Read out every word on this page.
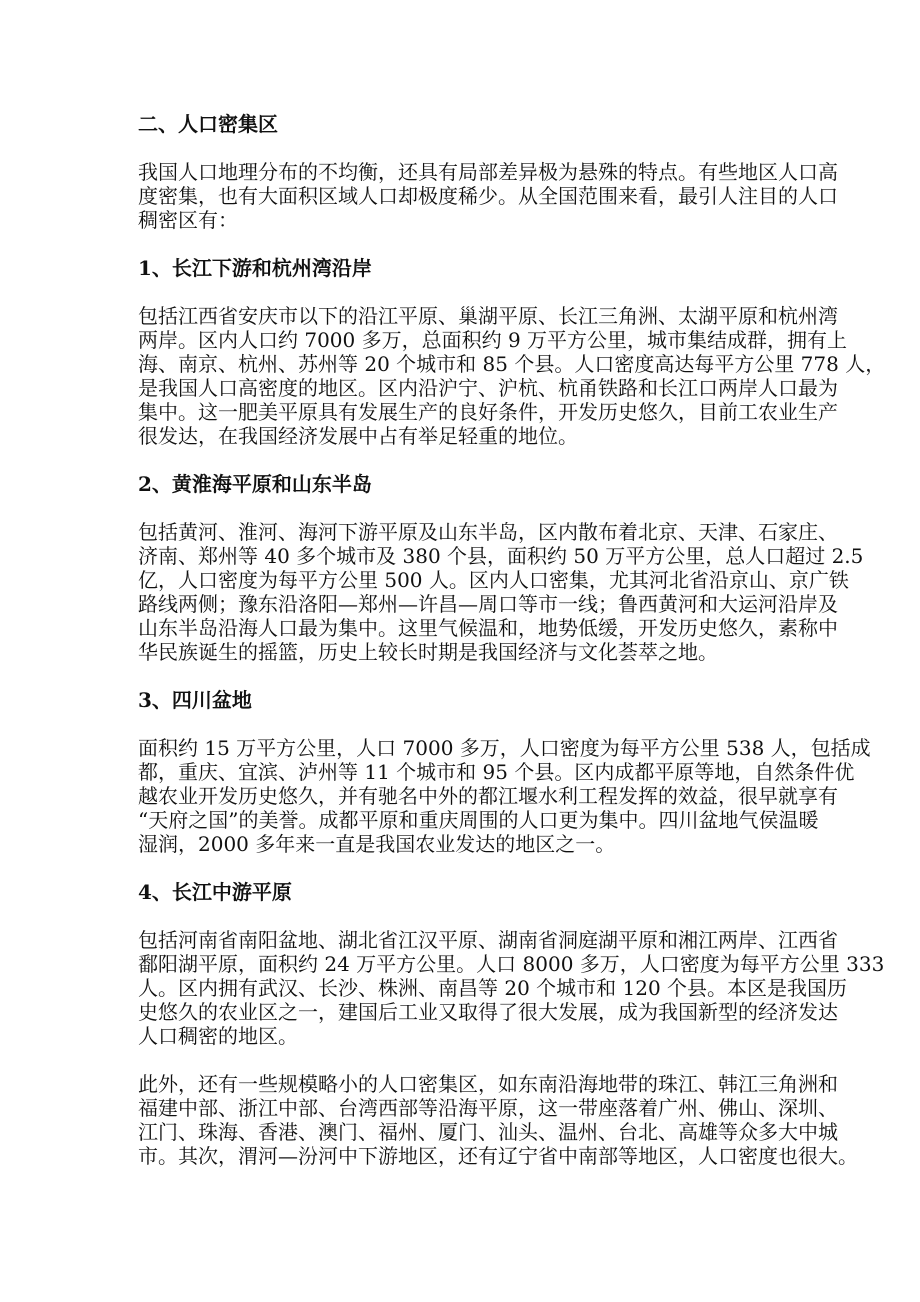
二、人口密集区
我国人口地理分布的不均衡，还具有局部差异极为悬殊的特点。有些地区人口高
度密集，也有大面积区域人口却极度稀少。从全国范围来看，最引人注目的人口
稠密区有：
1、长江下游和杭州湾沿岸
包括江西省安庆市以下的沿江平原、巢湖平原、长江三角洲、太湖平原和杭州湾
两岸。区内人口约 7000 多万，总面积约 9 万平方公里，城市集结成群，拥有上
海、南京、杭州、苏州等 20 个城市和 85 个县。人口密度高达每平方公里 778 人，
是我国人口高密度的地区。区内沿沪宁、沪杭、杭甬铁路和长江口两岸人口最为
集中。这一肥美平原具有发展生产的良好条件，开发历史悠久，目前工农业生产
很发达，在我国经济发展中占有举足轻重的地位。
2、黄淮海平原和山东半岛
包括黄河、淮河、海河下游平原及山东半岛，区内散布着北京、天津、石家庄、
济南、郑州等 40 多个城市及 380 个县，面积约 50 万平方公里，总人口超过 2.5
亿，人口密度为每平方公里 500 人。区内人口密集，尤其河北省沿京山、京广铁
路线两侧；豫东沿洛阳—郑州—许昌—周口等市一线；鲁西黄河和大运河沿岸及
山东半岛沿海人口最为集中。这里气候温和，地势低缓，开发历史悠久，素称中
华民族诞生的摇篮，历史上较长时期是我国经济与文化荟萃之地。
3、四川盆地
面积约 15 万平方公里，人口 7000 多万，人口密度为每平方公里 538 人，包括成
都，重庆、宜滨、泸州等 11 个城市和 95 个县。区内成都平原等地，自然条件优
越农业开发历史悠久，并有驰名中外的都江堰水利工程发挥的效益，很早就享有
“天府之国”的美誉。成都平原和重庆周围的人口更为集中。四川盆地气侯温暖
湿润，2000 多年来一直是我国农业发达的地区之一。
4、长江中游平原
包括河南省南阳盆地、湖北省江汉平原、湖南省洞庭湖平原和湘江两岸、江西省
鄱阳湖平原，面积约 24 万平方公里。人口 8000 多万，人口密度为每平方公里 333
人。区内拥有武汉、长沙、株洲、南昌等 20 个城市和 120 个县。本区是我国历
史悠久的农业区之一，建国后工业又取得了很大发展，成为我国新型的经济发达
人口稠密的地区。
此外，还有一些规模略小的人口密集区，如东南沿海地带的珠江、韩江三角洲和
福建中部、浙江中部、台湾西部等沿海平原，这一带座落着广州、佛山、深圳、
江门、珠海、香港、澳门、福州、厦门、汕头、温州、台北、高雄等众多大中城
市。其次，渭河—汾河中下游地区，还有辽宁省中南部等地区，人口密度也很大。
